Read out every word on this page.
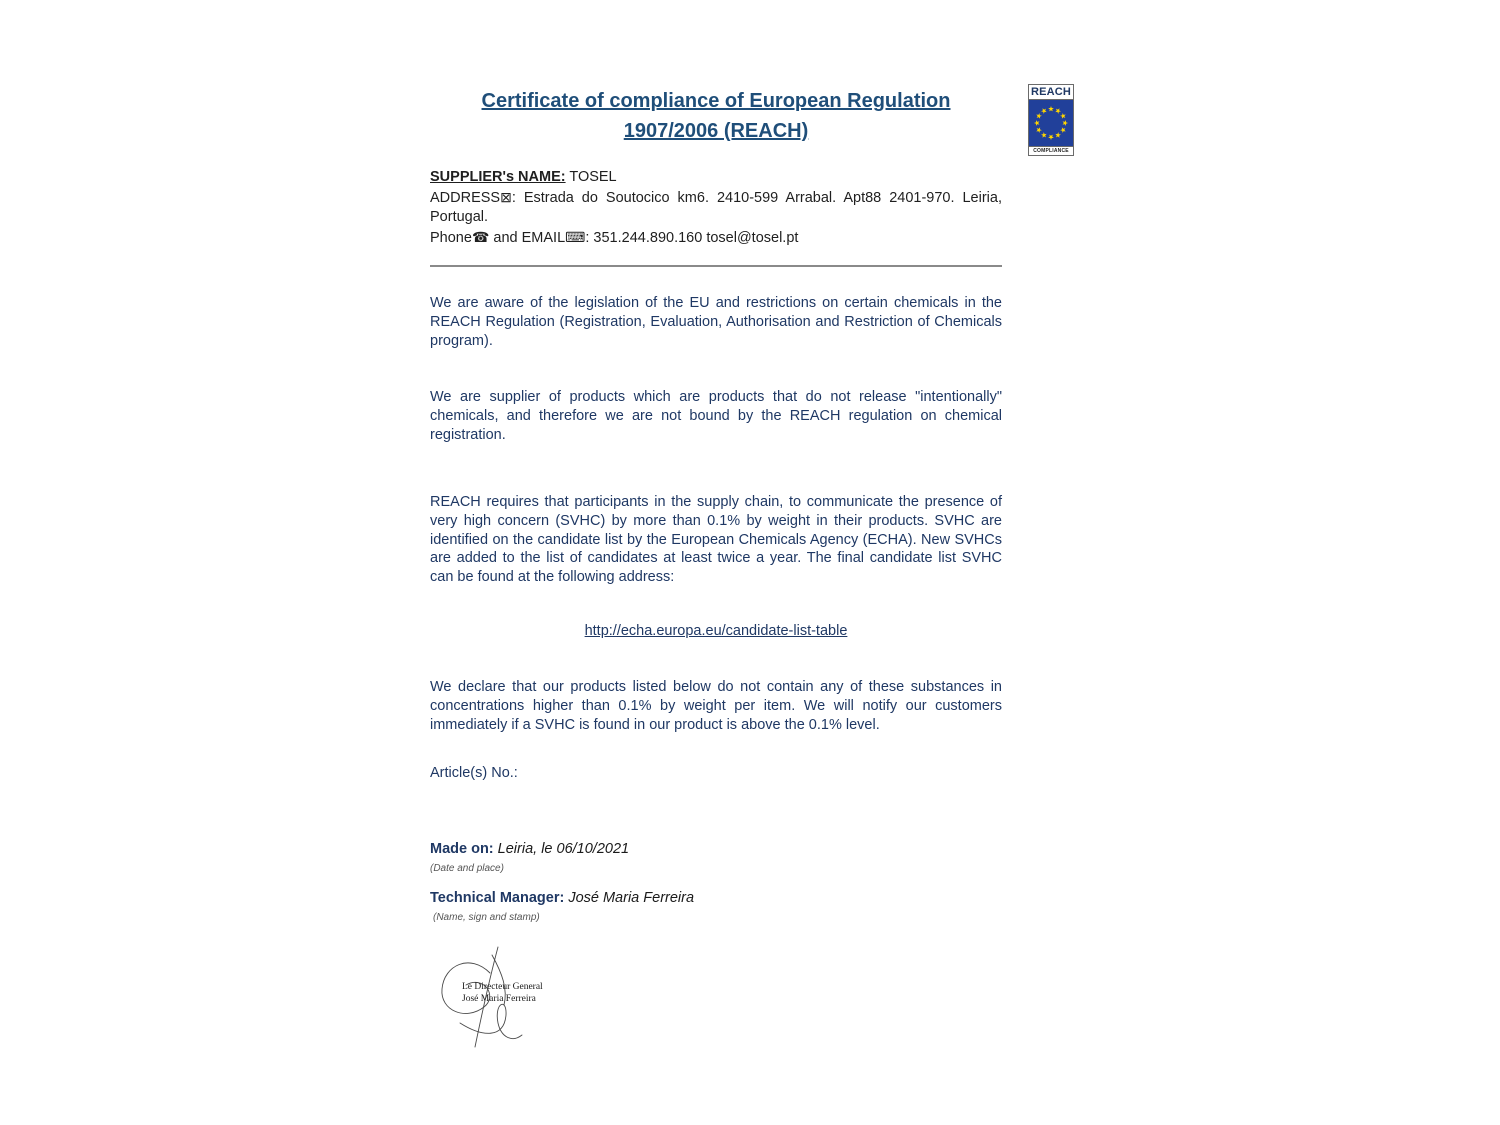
Certificate of compliance of European Regulation
1907/2006 (REACH)
REACH
COMPLIANCE
SUPPLIER's NAME: TOSEL
ADDRESS⊠: Estrada do Soutocico km6. 2410-599 Arrabal. Apt88 2401-970. Leiria, Portugal.
Phone☎ and EMAIL⌨: 351.244.890.160 tosel@tosel.pt
We are aware of the legislation of the EU and restrictions on certain chemicals in the REACH Regulation (Registration, Evaluation, Authorisation and Restriction of Chemicals program).
We are supplier of products which are products that do not release "intentionally" chemicals, and therefore we are not bound by the REACH regulation on chemical registration.
REACH requires that participants in the supply chain, to communicate the presence of very high concern (SVHC) by more than 0.1% by weight in their products. SVHC are identified on the candidate list by the European Chemicals Agency (ECHA). New SVHCs are added to the list of candidates at least twice a year. The final candidate list SVHC can be found at the following address:
http://echa.europa.eu/candidate-list-table
We declare that our products listed below do not contain any of these substances in concentrations higher than 0.1% by weight per item. We will notify our customers immediately if a SVHC is found in our product is above the 0.1% level.
Article(s) No.:
Made on: Leiria, le 06/10/2021
(Date and place)
Technical Manager: José Maria Ferreira
(Name, sign and stamp)
Le Directeur General
José Maria Ferreira
